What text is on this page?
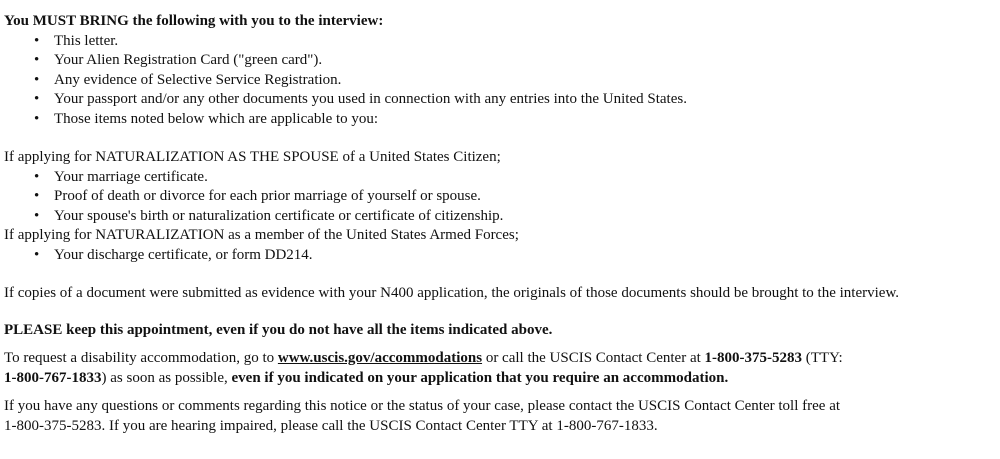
You MUST BRING the following with you to the interview:

• This letter.
• Your Alien Registration Card ("green card").
• Any evidence of Selective Service Registration.
• Your passport and/or any other documents you used in connection with any entries into the United States.
• Those items noted below which are applicable to you:

If applying for NATURALIZATION AS THE SPOUSE of a United States Citizen;

• Your marriage certificate.
• Proof of death or divorce for each prior marriage of yourself or spouse.
• Your spouse's birth or naturalization certificate or certificate of citizenship.

If applying for NATURALIZATION as a member of the United States Armed Forces;

• Your discharge certificate, or form DD214.

If copies of a document were submitted as evidence with your N400 application, the originals of those documents should be brought to the interview.

PLEASE keep this appointment, even if you do not have all the items indicated above.

To request a disability accommodation, go to www.uscis.gov/accommodations or call the USCIS Contact Center at 1-800-375-5283 (TTY:
1-800-767-1833) as soon as possible, even if you indicated on your application that you require an accommodation.

If you have any questions or comments regarding this notice or the status of your case, please contact the USCIS Contact Center toll free at

1-800-375-5283. If you are hearing impaired, please call the USCIS Contact Center TTY at 1-800-767-1833.
